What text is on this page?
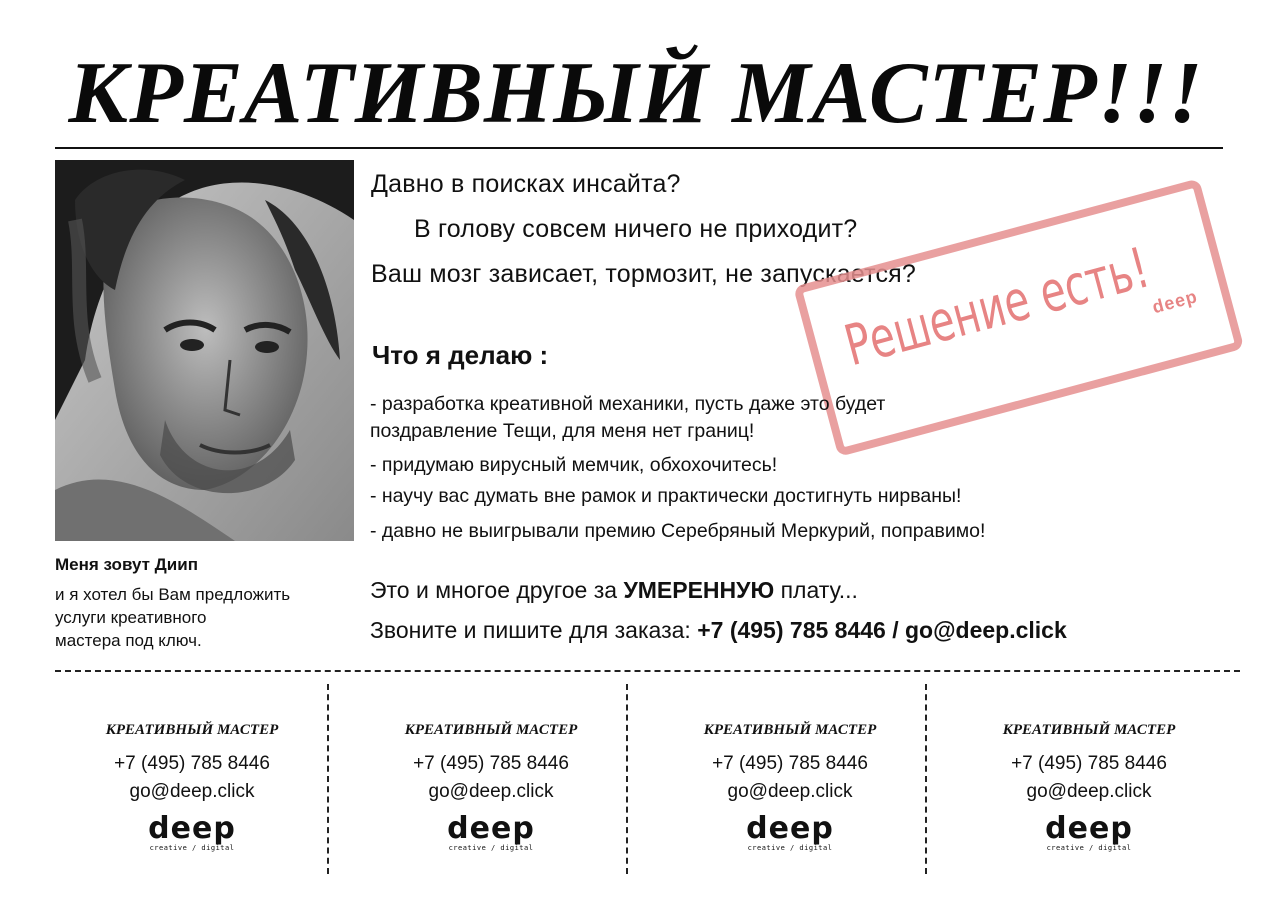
КРЕАТИВНЫЙ МАСТЕР!!!
Меня зовут Диип
и я хотел бы Вам предложить
услуги креативного
мастера под ключ.
Давно в поисках инсайта?
В голову совсем ничего не приходит?
Ваш мозг зависает, тормозит, не запускается?
Решение есть!
deep
Что я делаю :
- разработка креативной механики, пусть даже это будет
поздравление Тещи, для меня нет границ!
- придумаю вирусный мемчик, обхохочитесь!
- научу вас думать вне рамок и практически достигнуть нирваны!
- давно не выигрывали премию Серебряный Меркурий, поправимо!
Это и многое другое за УМЕРЕННУЮ плату...
Звоните и пишите для заказа: +7 (495) 785 8446 / go@deep.click
КРЕАТИВНЫЙ МАСТЕР
+7 (495) 785 8446
go@deep.click
deep
creative / digital
КРЕАТИВНЫЙ МАСТЕР
+7 (495) 785 8446
go@deep.click
deep
creative / digital
КРЕАТИВНЫЙ МАСТЕР
+7 (495) 785 8446
go@deep.click
deep
creative / digital
КРЕАТИВНЫЙ МАСТЕР
+7 (495) 785 8446
go@deep.click
deep
creative / digital
